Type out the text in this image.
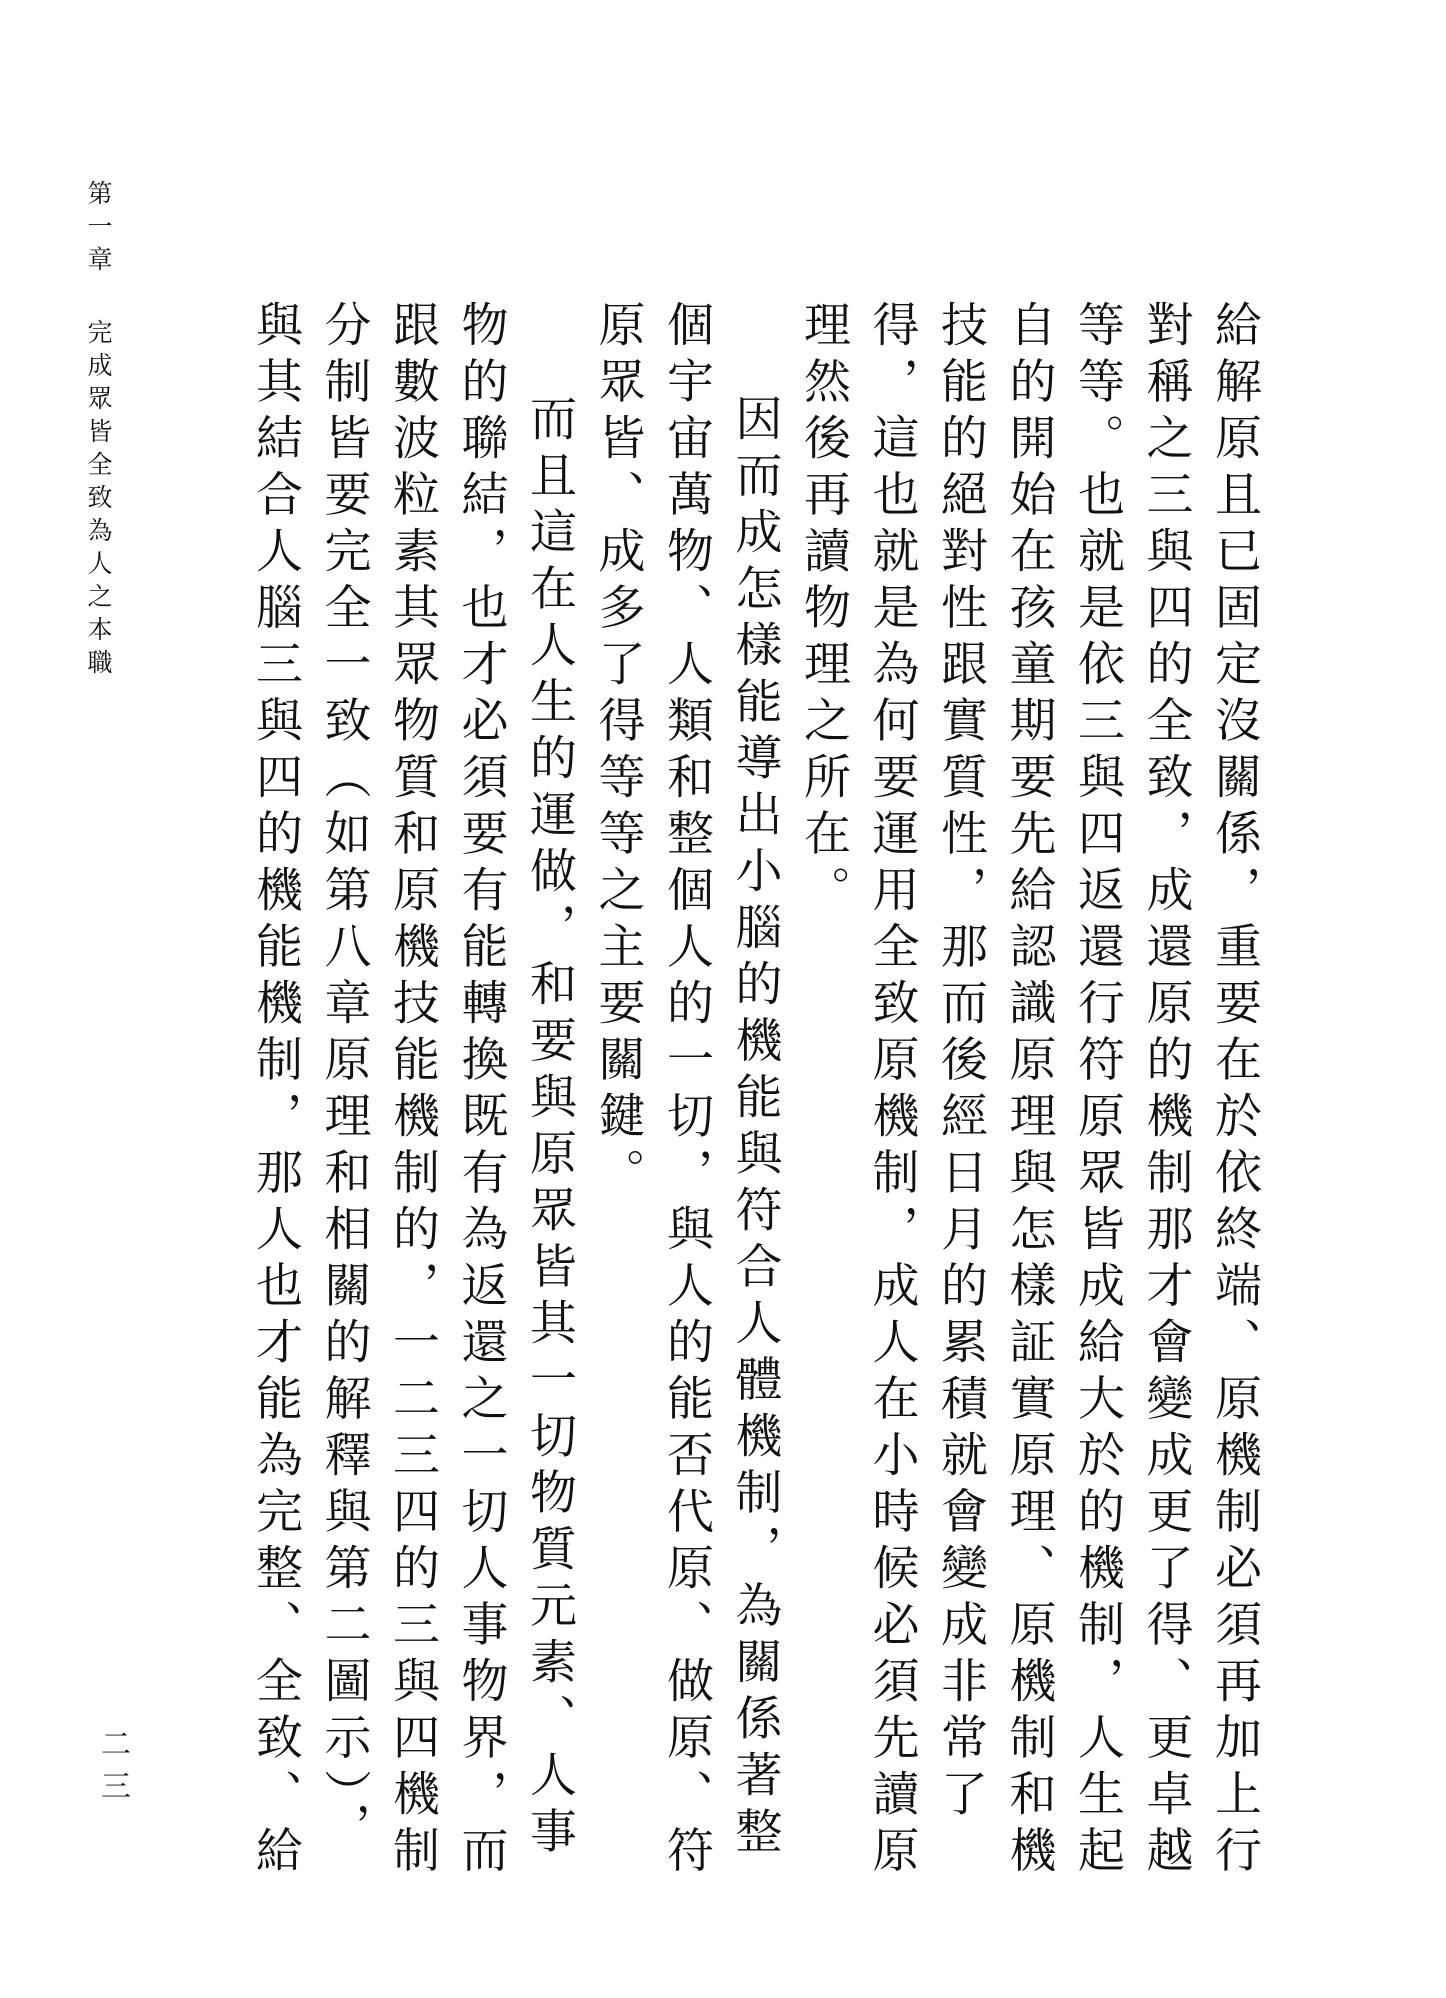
第一章完成眾皆全致為人之本職
二三	給解原且已固定沒關係，重要在於依終端、原機制必須再加上行對稱之三與四的全致，成還原的機制那才會變成更了得、更卓越等等。也就是依三與四返還行符原眾皆成給大於的機制，人生起自的開始在孩童期要先給認識原理與怎樣証實原理、原機制和機技能的絕對性跟實質性，那而後經日月的累積就會變成非常了得，這也就是為何要運用全致原機制，成人在小時候必須先讀原理然後再讀物理之所在。

因而成怎樣能導出小腦的機能與符合人體機制，為關係著整個宇宙萬物、人類和整個人的一切，與人的能否代原、做原、符原眾皆、成多了得等等之主要關鍵。

而且這在人生的運做，和要與原眾皆其一切物質元素、人事物的聯結，也才必須要有能轉換既有為返還之一切人事物界，而跟數波粒素其眾物質和原機技能機制的，一二三四的三與四機制分制皆要完全一致（如第八章原理和相關的解釋與第二圖示），與其結合人腦三與四的機能機制，那人也才能為完整、全致、給
